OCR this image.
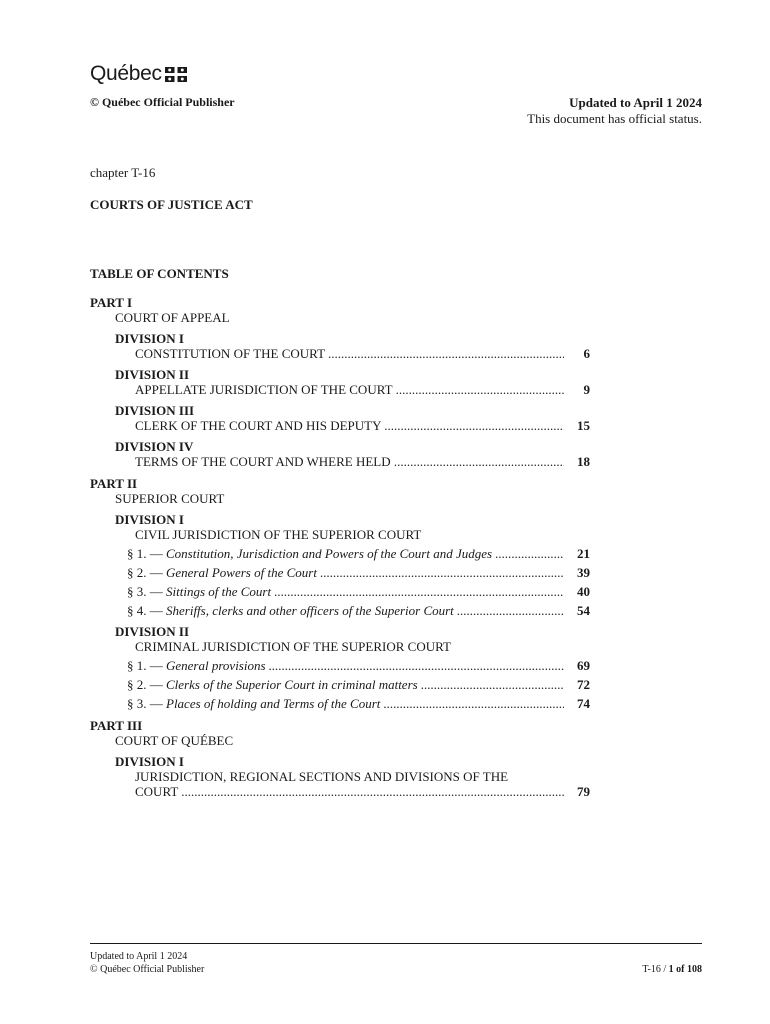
Québec
© Québec Official Publisher	Updated to April 1 2024
This document has official status.
chapter T-16
COURTS OF JUSTICE ACT
TABLE OF CONTENTS
PART I
COURT OF APPEAL
DIVISION I
CONSTITUTION OF THE COURT .....	6
DIVISION II
APPELLATE JURISDICTION OF THE COURT .....	9
DIVISION III
CLERK OF THE COURT AND HIS DEPUTY .....	15
DIVISION IV
TERMS OF THE COURT AND WHERE HELD .....	18
PART II
SUPERIOR COURT
DIVISION I
CIVIL JURISDICTION OF THE SUPERIOR COURT
§ 1. — Constitution, Jurisdiction and Powers of the Court and Judges .....	21
§ 2. — General Powers of the Court .....	39
§ 3. — Sittings of the Court .....	40
§ 4. — Sheriffs, clerks and other officers of the Superior Court .....	54
DIVISION II
CRIMINAL JURISDICTION OF THE SUPERIOR COURT
§ 1. — General provisions .....	69
§ 2. — Clerks of the Superior Court in criminal matters .....	72
§ 3. — Places of holding and Terms of the Court .....	74
PART III
COURT OF QUÉBEC
DIVISION I
JURISDICTION, REGIONAL SECTIONS AND DIVISIONS OF THE
COURT .....	79
Updated to April 1 2024
© Québec Official Publisher	T-16 / 1 of 108
